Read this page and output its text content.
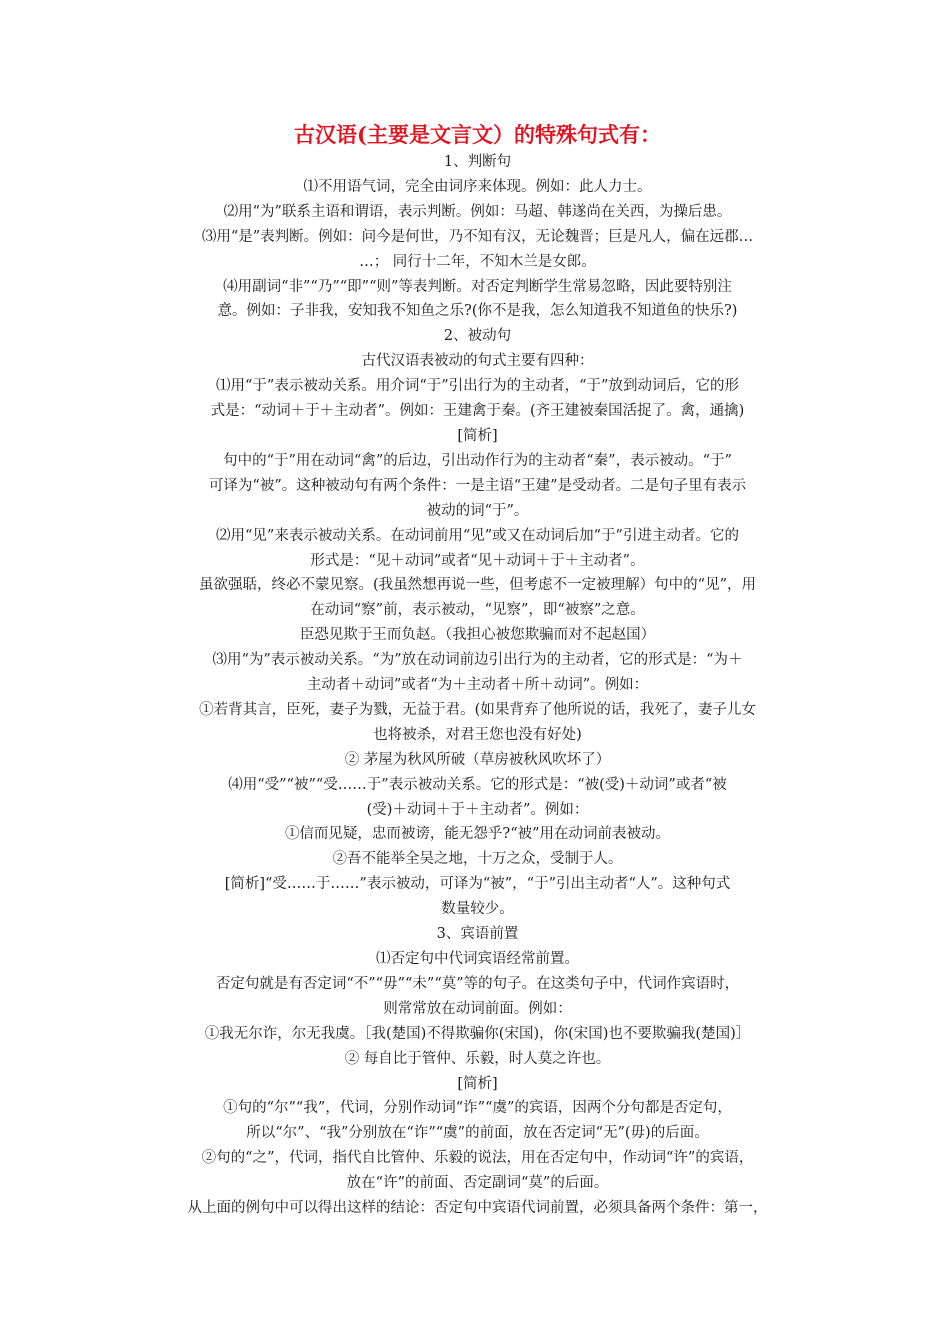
古汉语(主要是文言文）的特殊句式有：

1、判断句

⑴不用语气词，完全由词序来体现。例如：此人力士。

⑵用“为”联系主语和谓语，表示判断。例如：马超、韩遂尚在关西，为操后患。

⑶用“是”表判断。例如：问今是何世，乃不知有汉，无论魏晋；巨是凡人，偏在远郡…

…； 同行十二年，不知木兰是女郎。

⑷用副词“非”“乃”“即”“则”等表判断。对否定判断学生常易忽略，因此要特别注

意。例如：子非我，安知我不知鱼之乐?(你不是我，怎么知道我不知道鱼的快乐?)

2、被动句

古代汉语表被动的句式主要有四种：

⑴用“于”表示被动关系。用介词“于”引出行为的主动者，“于”放到动词后，它的形

式是：“动词＋于＋主动者”。例如：王建禽于秦。(齐王建被秦国活捉了。禽，通擒)

[简析]

句中的“于”用在动词“禽”的后边，引出动作行为的主动者“秦”，表示被动。“于”

可译为“被”。这种被动句有两个条件：一是主语“王建”是受动者。二是句子里有表示

被动的词“于”。

⑵用“见”来表示被动关系。在动词前用“见”或又在动词后加“于”引进主动者。它的

形式是：“见＋动词”或者“见＋动词＋于＋主动者”。

虽欲强聒，终必不蒙见察。(我虽然想再说一些，但考虑不一定被理解）句中的“见”，用

在动词“察”前，表示被动，“见察”，即“被察”之意。

臣恐见欺于王而负赵。（我担心被您欺骗而对不起赵国）

⑶用“为”表示被动关系。“为”放在动词前边引出行为的主动者，它的形式是：“为＋

主动者＋动词”或者“为＋主动者＋所＋动词”。例如：

①若背其言，臣死，妻子为戮，无益于君。(如果背弃了他所说的话，我死了，妻子儿女

也将被杀，对君王您也没有好处)

② 茅屋为秋风所破（草房被秋风吹坏了）

⑷用“受”“被”“受……于”表示被动关系。它的形式是：“被(受)＋动词”或者“被

(受)＋动词＋于＋主动者”。例如：

①信而见疑，忠而被谤，能无怨乎?“被”用在动词前表被动。

②吾不能举全吴之地，十万之众，受制于人。

[简析]“受……于……”表示被动，可译为“被”，“于”引出主动者“人”。这种句式

数量较少。

3、宾语前置

⑴否定句中代词宾语经常前置。

否定句就是有否定词“不”“毋”“未”“莫”等的句子。在这类句子中，代词作宾语时，

则常常放在动词前面。例如：

①我无尔诈，尔无我虞。［我(楚国)不得欺骗你(宋国)，你(宋国)也不要欺骗我(楚国)］

② 每自比于管仲、乐毅，时人莫之许也。

[简析]

①句的“尔”“我”，代词，分别作动词“诈”“虞”的宾语，因两个分句都是否定句，

所以“尔”、“我”分别放在“诈”“虞”的前面，放在否定词“无”(毋)的后面。

②句的“之”，代词，指代自比管仲、乐毅的说法，用在否定句中，作动词“许”的宾语，

放在“许”的前面、否定副词“莫”的后面。

从上面的例句中可以得出这样的结论：否定句中宾语代词前置，必须具备两个条件：第一，
